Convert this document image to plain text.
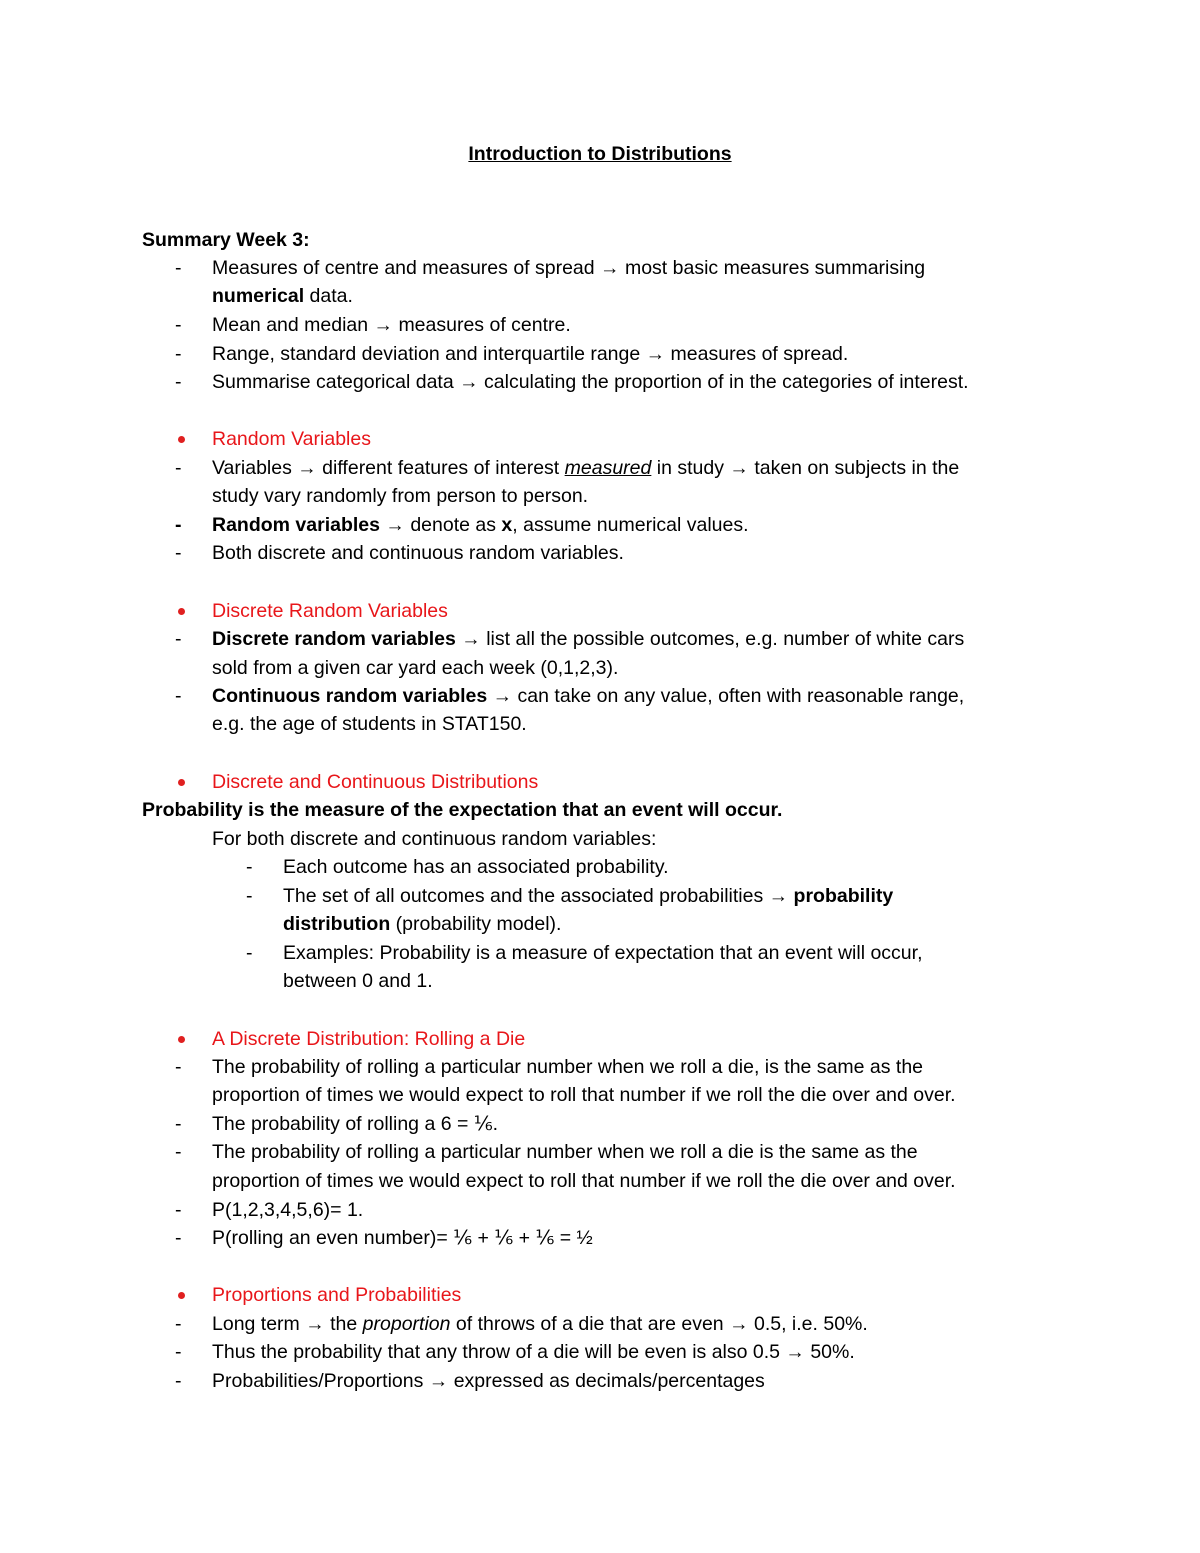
Introduction to Distributions
Summary Week 3:
- Measures of centre and measures of spread → most basic measures summarising
numerical data.
- Mean and median → measures of centre.
- Range, standard deviation and interquartile range → measures of spread.
- Summarise categorical data → calculating the proportion of in the categories of interest.
Random Variables
- Variables → different features of interest measured in study → taken on subjects in the
study vary randomly from person to person.
- Random variables → denote as x, assume numerical values.
- Both discrete and continuous random variables.
Discrete Random Variables
- Discrete random variables → list all the possible outcomes, e.g. number of white cars
sold from a given car yard each week (0,1,2,3).
- Continuous random variables → can take on any value, often with reasonable range,
e.g. the age of students in STAT150.
Discrete and Continuous Distributions
Probability is the measure of the expectation that an event will occur.
For both discrete and continuous random variables:
- Each outcome has an associated probability.
- The set of all outcomes and the associated probabilities → probability
distribution (probability model).
- Examples: Probability is a measure of expectation that an event will occur,
between 0 and 1.
A Discrete Distribution: Rolling a Die
- The probability of rolling a particular number when we roll a die, is the same as the
proportion of times we would expect to roll that number if we roll the die over and over.
- The probability of rolling a 6 = ⅙.
- The probability of rolling a particular number when we roll a die is the same as the
proportion of times we would expect to roll that number if we roll the die over and over.
- P(1,2,3,4,5,6)= 1.
- P(rolling an even number)= ⅙ + ⅙ + ⅙ = ½
Proportions and Probabilities
- Long term → the proportion of throws of a die that are even → 0.5, i.e. 50%.
- Thus the probability that any throw of a die will be even is also 0.5 → 50%.
- Probabilities/Proportions → expressed as decimals/percentages
